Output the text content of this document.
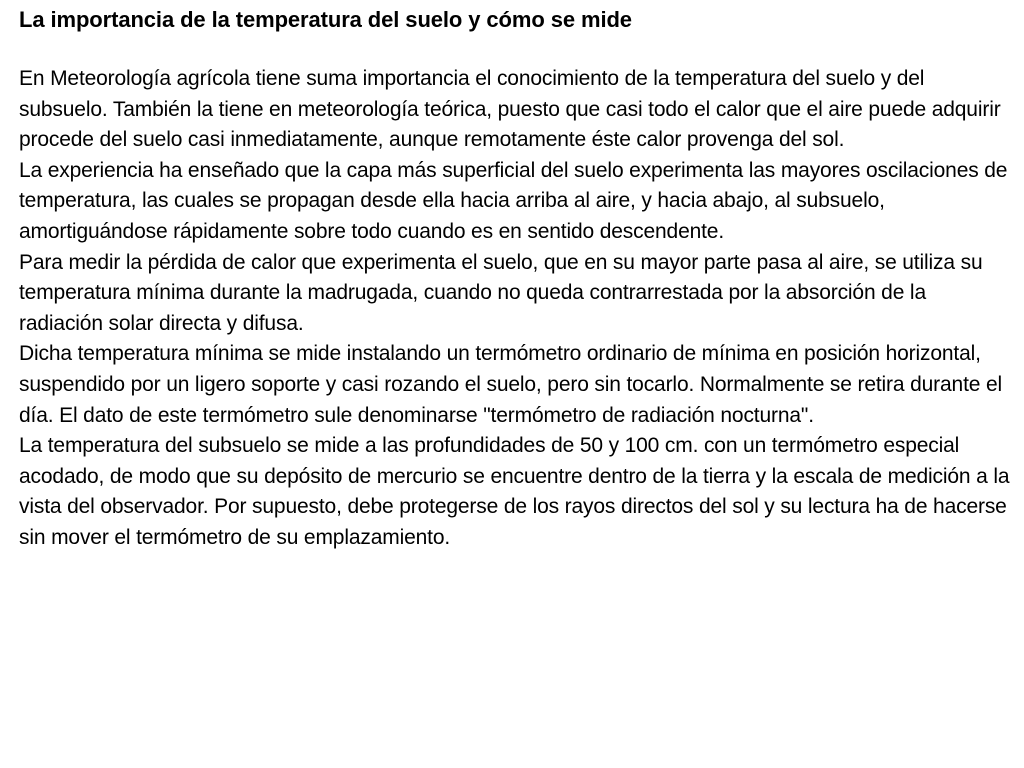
La importancia de la temperatura del suelo y cómo se mide

En Meteorología agrícola tiene suma importancia el conocimiento de la temperatura del suelo y del subsuelo. También la tiene en meteorología teórica, puesto que casi todo el calor que el aire puede adquirir procede del suelo casi inmediatamente, aunque remotamente éste calor provenga del sol.

La experiencia ha enseñado que la capa más superficial del suelo experimenta las mayores oscilaciones de temperatura, las cuales se propagan desde ella hacia arriba al aire, y hacia abajo, al subsuelo, amortiguándose rápidamente sobre todo cuando es en sentido descendente.

Para medir la pérdida de calor que experimenta el suelo, que en su mayor parte pasa al aire, se utiliza su temperatura mínima durante la madrugada, cuando no queda contrarrestada por la absorción de la radiación solar directa y difusa.

Dicha temperatura mínima se mide instalando un termómetro ordinario de mínima en posición horizontal, suspendido por un ligero soporte y casi rozando el suelo, pero sin tocarlo. Normalmente se retira durante el día. El dato de este termómetro sule denominarse "termómetro de radiación nocturna".

La temperatura del subsuelo se mide a las profundidades de 50 y 100 cm. con un termómetro especial acodado, de modo que su depósito de mercurio se encuentre dentro de la tierra y la escala de medición a la vista del observador. Por supuesto, debe protegerse de los rayos directos del sol y su lectura ha de hacerse sin mover el termómetro de su emplazamiento.
